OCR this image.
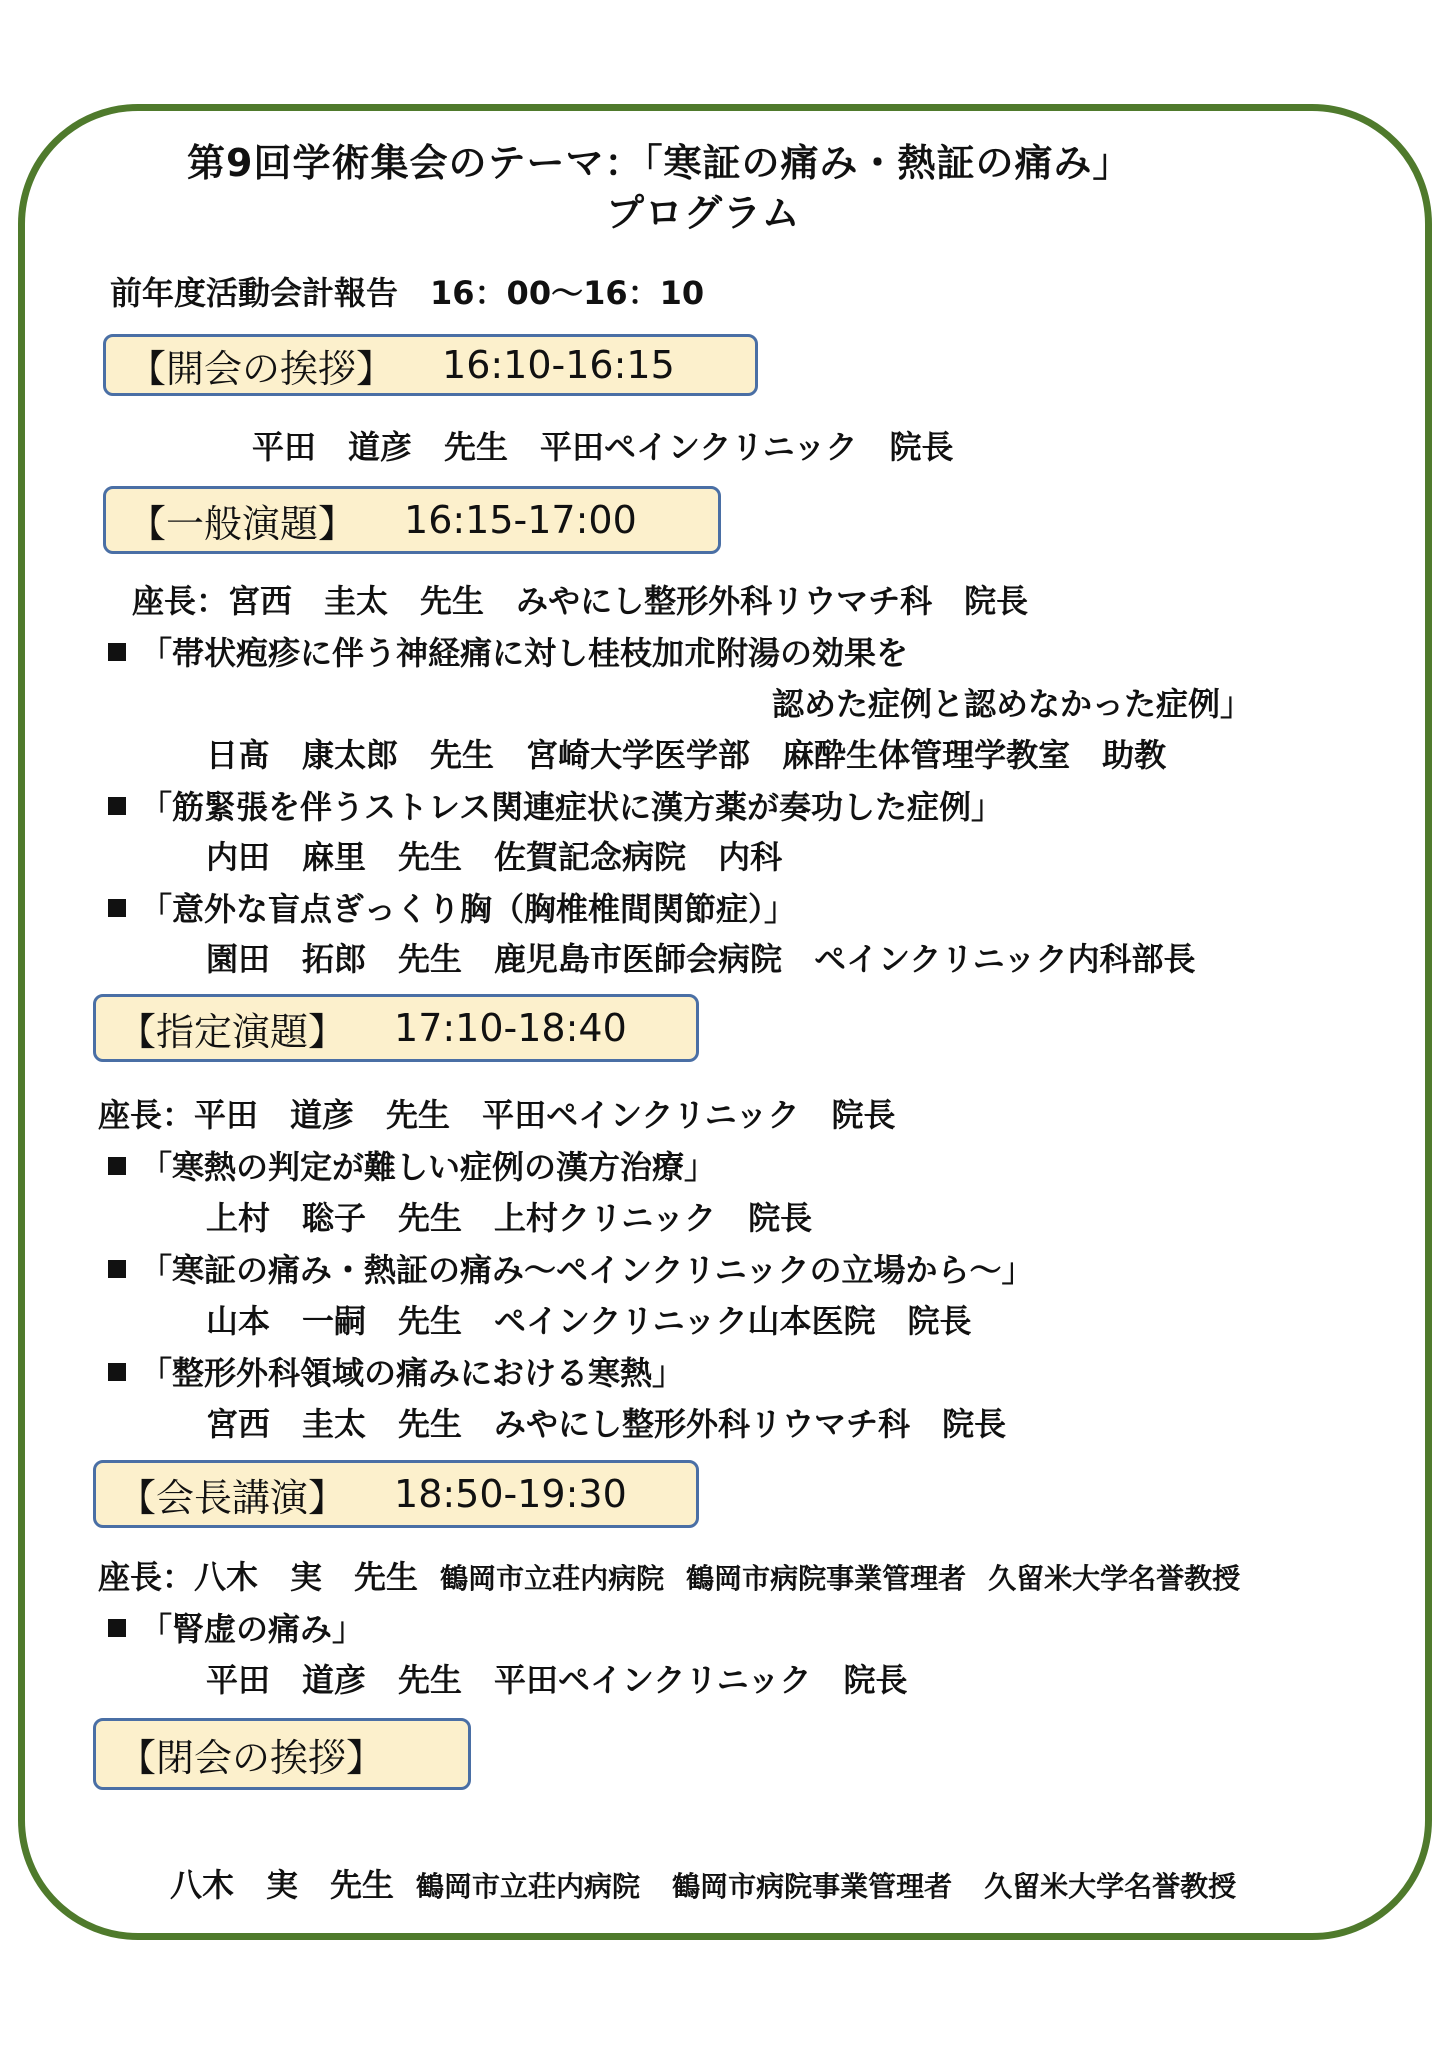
第9回学術集会のテーマ：「寒証の痛み・熱証の痛み」
プログラム
前年度活動会計報告 16：00～16：10
【開会の挨拶】 16:10-16:15
平田 道彦 先生 平田ペインクリニック 院長
【一般演題】 16:15-17:00
座長：宮西 圭太 先生 みやにし整形外科リウマチ科 院長
「帯状疱疹に伴う神経痛に対し桂枝加朮附湯の効果を
認めた症例と認めなかった症例」
日髙 康太郎 先生 宮崎大学医学部 麻酔生体管理学教室 助教
「筋緊張を伴うストレス関連症状に漢方薬が奏功した症例」
内田 麻里 先生 佐賀記念病院 内科
「意外な盲点ぎっくり胸（胸椎椎間関節症）」
園田 拓郎 先生 鹿児島市医師会病院 ペインクリニック内科部長
【指定演題】 17:10-18:40
座長：平田 道彦 先生 平田ペインクリニック 院長
「寒熱の判定が難しい症例の漢方治療」
上村 聡子 先生 上村クリニック 院長
「寒証の痛み・熱証の痛み～ペインクリニックの立場から～」
山本 一嗣 先生 ペインクリニック山本医院 院長
「整形外科領域の痛みにおける寒熱」
宮西 圭太 先生 みやにし整形外科リウマチ科 院長
【会長講演】 18:50-19:30
座長：八木 実 先生 鶴岡市立荘内病院 鶴岡市病院事業管理者 久留米大学名誉教授
「腎虚の痛み」
平田 道彦 先生 平田ペインクリニック 院長
【閉会の挨拶】
八木 実 先生 鶴岡市立荘内病院 鶴岡市病院事業管理者 久留米大学名誉教授
